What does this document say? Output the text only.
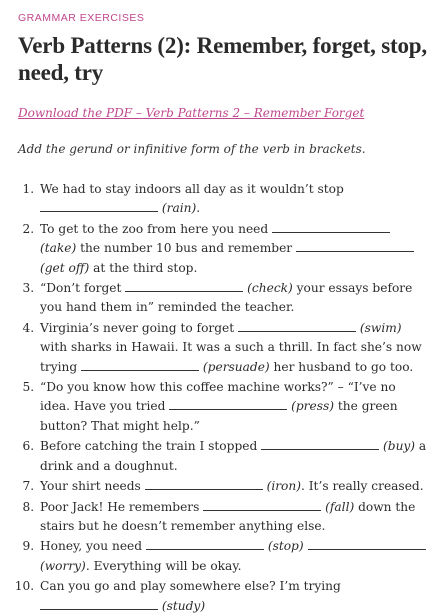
GRAMMAR EXERCISES
Verb Patterns (2): Remember, forget, stop, need, try
Download the PDF – Verb Patterns 2 – Remember Forget
Add the gerund or infinitive form of the verb in brackets.
1. We had to stay indoors all day as it wouldn’t stop  (rain).
2. To get to the zoo from here you need  (take) the number 10 bus and remember  (get off) at the third stop.
3. “Don’t forget	(check) your essays before you hand them in” reminded the teacher.
4. Virginia’s never going to forget	(swim) with sharks in Hawaii. It was a such a thrill. In fact she’s now trying	(persuade) her husband to go too.
5. “Do you know how this coffee machine works?” – “I’ve no idea. Have you tried	(press) the green button? That might help.”
6. Before catching the train I stopped	(buy) a drink and a doughnut.
7. Your shirt needs	(iron). It’s really creased.
8. Poor Jack! He remembers	(fall) down the stairs but he doesn’t remember anything else.
9. Honey, you need	(stop)  (worry). Everything will be okay.
10. Can you go and play somewhere else? I’m trying  (study)
